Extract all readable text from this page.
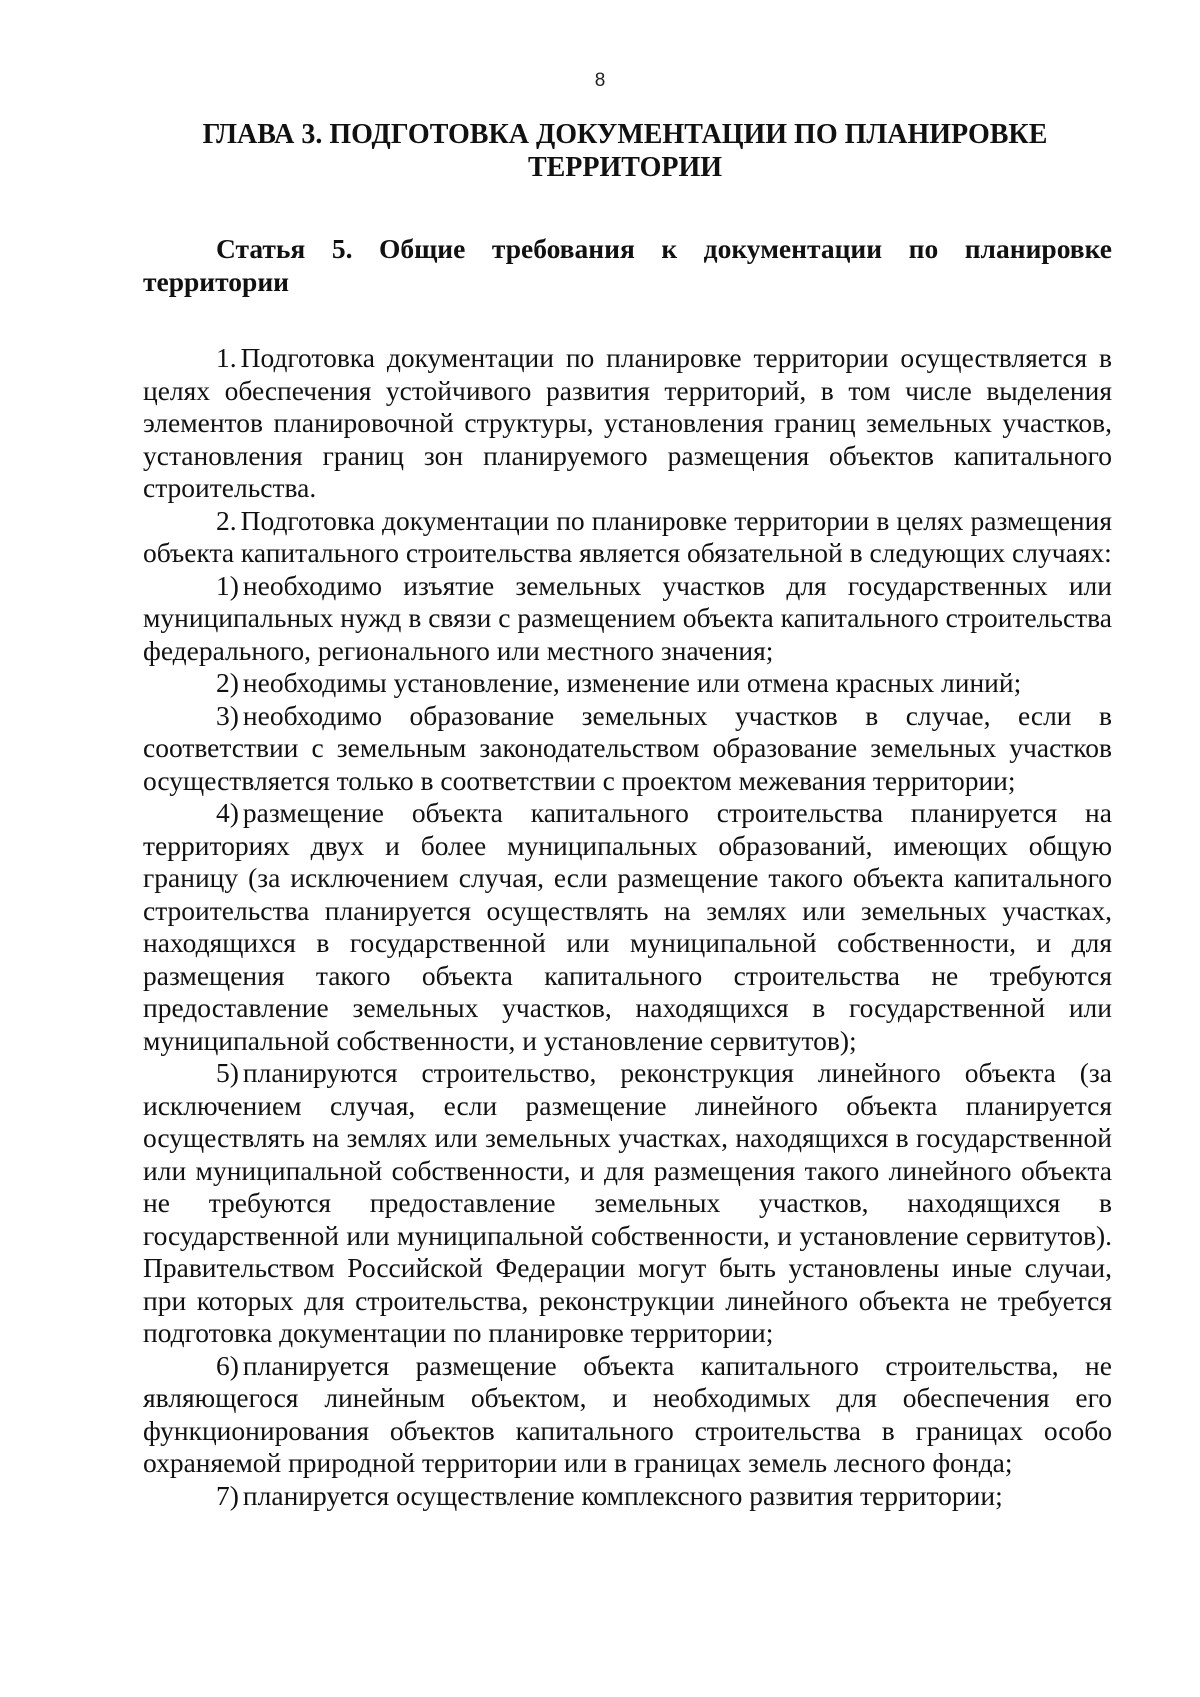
8
ГЛАВА 3. ПОДГОТОВКА ДОКУМЕНТАЦИИ ПО ПЛАНИРОВКЕ ТЕРРИТОРИИ
Статья 5. Общие требования к документации по планировке территории

1. Подготовка документации по планировке территории осуществляется в целях обеспечения устойчивого развития территорий, в том числе выделения элементов планировочной структуры, установления границ земельных участков, установления границ зон планируемого размещения объектов капитального строительства.

2. Подготовка документации по планировке территории в целях размещения объекта капитального строительства является обязательной в следующих случаях:

1) необходимо изъятие земельных участков для государственных или муниципальных нужд в связи с размещением объекта капитального строительства федерального, регионального или местного значения;

2) необходимы установление, изменение или отмена красных линий;

3) необходимо образование земельных участков в случае, если в соответствии с земельным законодательством образование земельных участков осуществляется только в соответствии с проектом межевания территории;

4) размещение объекта капитального строительства планируется на территориях двух и более муниципальных образований, имеющих общую границу (за исключением случая, если размещение такого объекта капитального строительства планируется осуществлять на землях или земельных участках, находящихся в государственной или муниципальной собственности, и для размещения такого объекта капитального строительства не требуются предоставление земельных участков, находящихся в государственной или муниципальной собственности, и установление сервитутов);

5) планируются строительство, реконструкция линейного объекта (за исключением случая, если размещение линейного объекта планируется осуществлять на землях или земельных участках, находящихся в государственной или муниципальной собственности, и для размещения такого линейного объекта не требуются предоставление земельных участков, находящихся в государственной или муниципальной собственности, и установление сервитутов). Правительством Российской Федерации могут быть установлены иные случаи, при которых для строительства, реконструкции линейного объекта не требуется подготовка документации по планировке территории;

6) планируется размещение объекта капитального строительства, не являющегося линейным объектом, и необходимых для обеспечения его функционирования объектов капитального строительства в границах особо охраняемой природной территории или в границах земель лесного фонда;

7) планируется осуществление комплексного развития территории;
